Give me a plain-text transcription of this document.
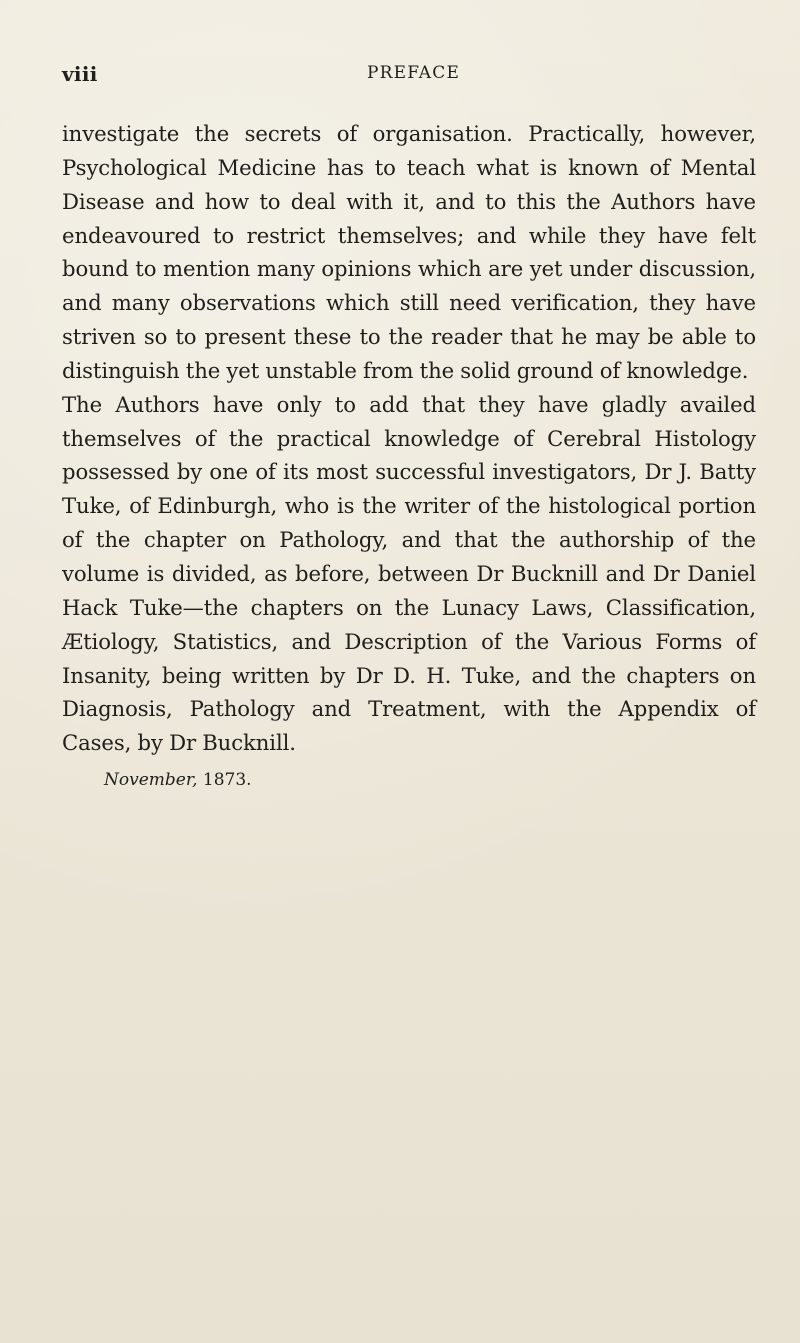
viii	PREFACE

investigate the secrets of organisation. Practically, however, Psychological Medicine has to teach what is known of Mental Disease and how to deal with it, and to this the Authors have endeavoured to restrict themselves; and while they have felt bound to mention many opinions which are yet under discussion, and many observations which still need verification, they have striven so to present these to the reader that he may be able to distinguish the yet unstable from the solid ground of knowledge.

The Authors have only to add that they have gladly availed themselves of the practical knowledge of Cerebral Histology possessed by one of its most successful investigators, Dr J. Batty Tuke, of Edinburgh, who is the writer of the histological portion of the chapter on Pathology, and that the authorship of the volume is divided, as before, between Dr Bucknill and Dr Daniel Hack Tuke—the chapters on the Lunacy Laws, Classification, Ætiology, Statistics, and Description of the Various Forms of Insanity, being written by Dr D. H. Tuke, and the chapters on Diagnosis, Pathology and Treatment, with the Appendix of Cases, by Dr Bucknill.

November, 1873.
